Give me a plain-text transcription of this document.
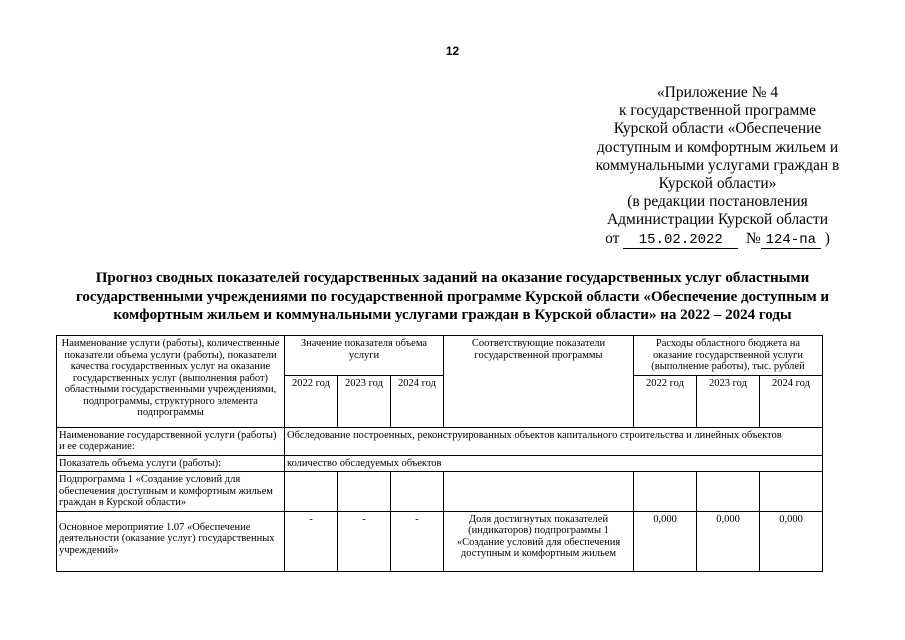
12
«Приложение № 4
к государственной программе
Курской области «Обеспечение
доступным и комфортным жильем и
коммунальными услугами граждан в
Курской области»
(в редакции постановления
Администрации Курской области
от 15.02.2022 № 124-па )
Прогноз сводных показателей государственных заданий на оказание государственных услуг областными государственными учреждениями по государственной программе Курской области «Обеспечение доступным и комфортным жильем и коммунальными услугами граждан в Курской области» на 2022 – 2024 годы
Наименование услуги (работы), количественные показатели объема услуги (работы), показатели качества государственных услуг на оказание государственных услуг (выполнения работ) областными государственными учреждениями, подпрограммы, структурного элемента подпрограммы	Значение показателя объема услуги			Соответствующие показатели государственной программы	Расходы областного бюджета на оказание государственной услуги (выполнение работы), тыс. рублей		
	2022 год	2023 год	2024 год		2022 год	2023 год	2024 год
Наименование государственной услуги (работы) и ее содержание:	Обследование построенных, реконструированных объектов капитального строительства и линейных объектов						
Показатель объема услуги (работы):	количество обследуемых объектов						
Подпрограмма 1 «Создание условий для обеспечения доступным и комфортным жильем граждан в Курской области»							
Основное мероприятие 1.07 «Обеспечение деятельности (оказание услуг) государственных учреждений»	-	-	-	Доля достигнутых показателей (индикаторов) подпрограммы 1 «Создание условий для обеспечения доступным и комфортным жильем	0,000	0,000	0,000
